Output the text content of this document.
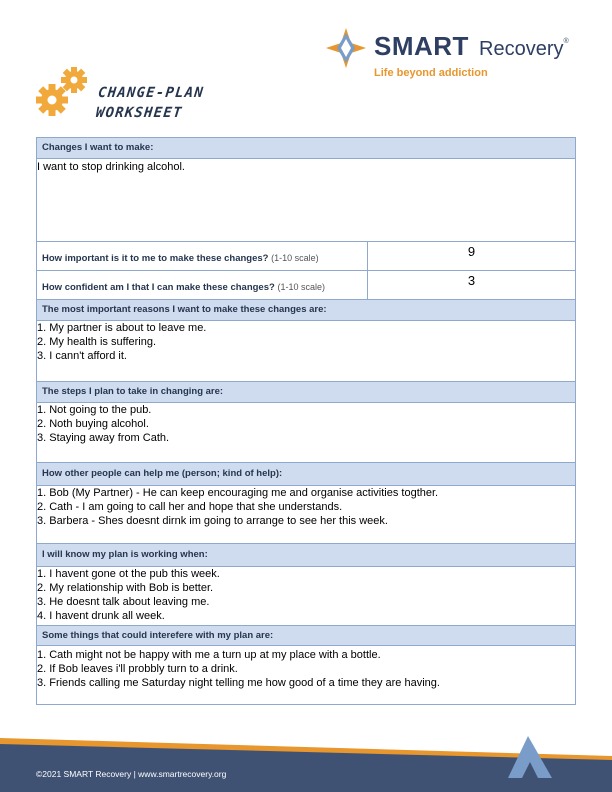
CHANGE-PLAN
WORKSHEET
SMART Recovery®
Life beyond addiction
Changes I want to make:
I want to stop drinking alcohol.
How important is it to me to make these changes? (1-10 scale)	9
How confident am I that I can make these changes? (1-10 scale)	3
The most important reasons I want to make these changes are:
1. My partner is about to leave me.
2. My health is suffering.
3. I cann't afford it.
The steps I plan to take in changing are:
1. Not going to the pub.
2. Noth buying alcohol.
3. Staying away from Cath.
How other people can help me (person; kind of help):
1. Bob (My Partner) - He can keep encouraging me and organise activities togther.
2. Cath - I am going to call her and hope that she understands.
3. Barbera - Shes doesnt dirnk im going to arrange to see her this week.
I will know my plan is working when:
1. I havent gone ot the pub this week.
2. My relationship with Bob is better.
3. He doesnt talk about leaving me.
4. I havent drunk all week.
Some things that could interefere with my plan are:
1. Cath might not be happy with me a turn up at my place with a bottle.
2. If Bob leaves i'll probbly turn to a drink.
3. Friends calling me Saturday night telling me how good of a time they are having.
©2021 SMART Recovery | www.smartrecovery.org
